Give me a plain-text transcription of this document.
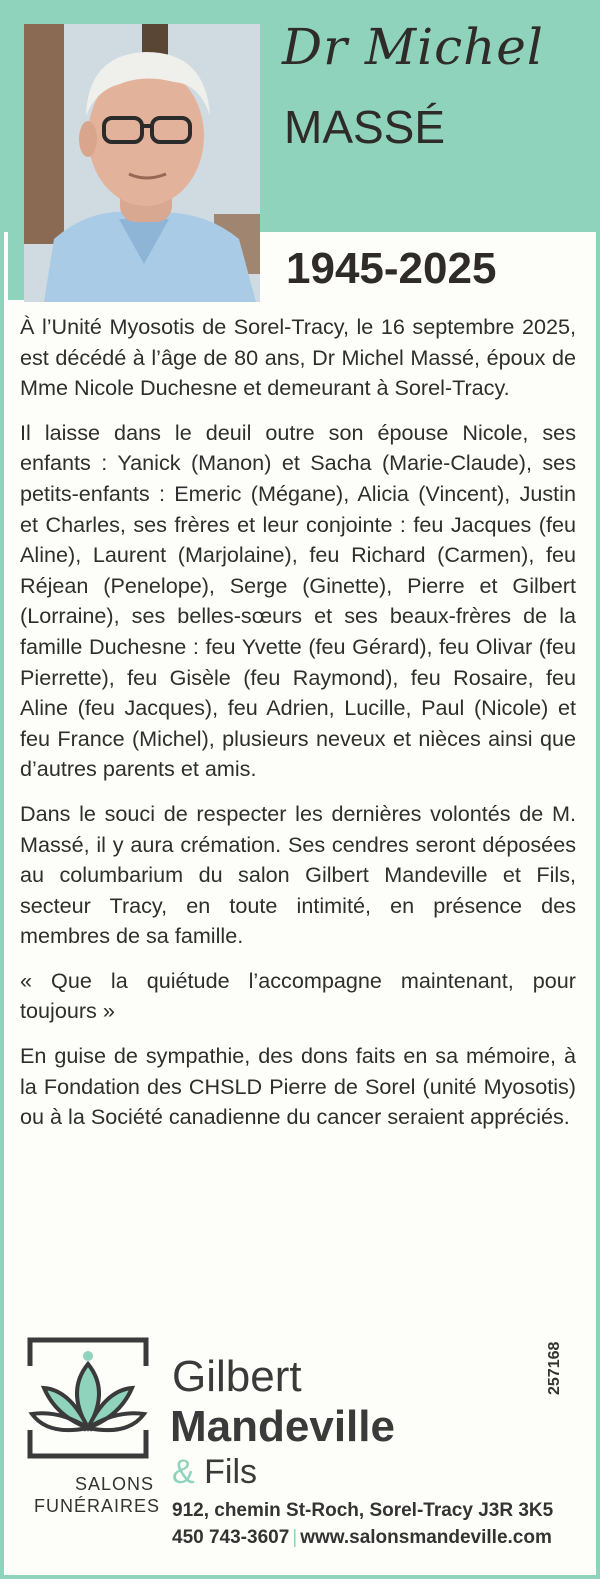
Dr Michel
MASSÉ
1945-2025

À l’Unité Myosotis de Sorel-Tracy, le 16 septembre 2025, est décédé à l’âge de 80 ans, Dr Michel Massé, époux de Mme Nicole Duchesne et demeurant à Sorel-Tracy.

Il laisse dans le deuil outre son épouse Nicole, ses enfants : Yanick (Manon) et Sacha (Marie-Claude), ses petits-enfants : Emeric (Mégane), Alicia (Vincent), Justin et Charles, ses frères et leur conjointe : feu Jacques (feu Aline), Laurent (Marjolaine), feu Richard (Carmen), feu Réjean (Penelope), Serge (Ginette), Pierre et Gilbert (Lorraine), ses belles-sœurs et ses beaux-frères de la famille Duchesne : feu Yvette (feu Gérard), feu Olivar (feu Pierrette), feu Gisèle (feu Raymond), feu Rosaire, feu Aline (feu Jacques), feu Adrien, Lucille, Paul (Nicole) et feu France (Michel), plusieurs neveux et nièces ainsi que d’autres parents et amis.

Dans le souci de respecter les dernières volontés de M. Massé, il y aura crémation. Ses cendres seront déposées au columbarium du salon Gilbert Mandeville et Fils, secteur Tracy, en toute intimité, en présence des membres de sa famille.

« Que la quiétude l’accompagne maintenant, pour toujours »

En guise de sympathie, des dons faits en sa mémoire, à la Fondation des CHSLD Pierre de Sorel (unité Myosotis) ou à la Société canadienne du cancer seraient appréciés.

SALONS
FUNÉRAIRES
Gilbert
Mandeville
& Fils
912, chemin St-Roch, Sorel-Tracy J3R 3K5
450 743-3607 | www.salonsmandeville.com
257168
